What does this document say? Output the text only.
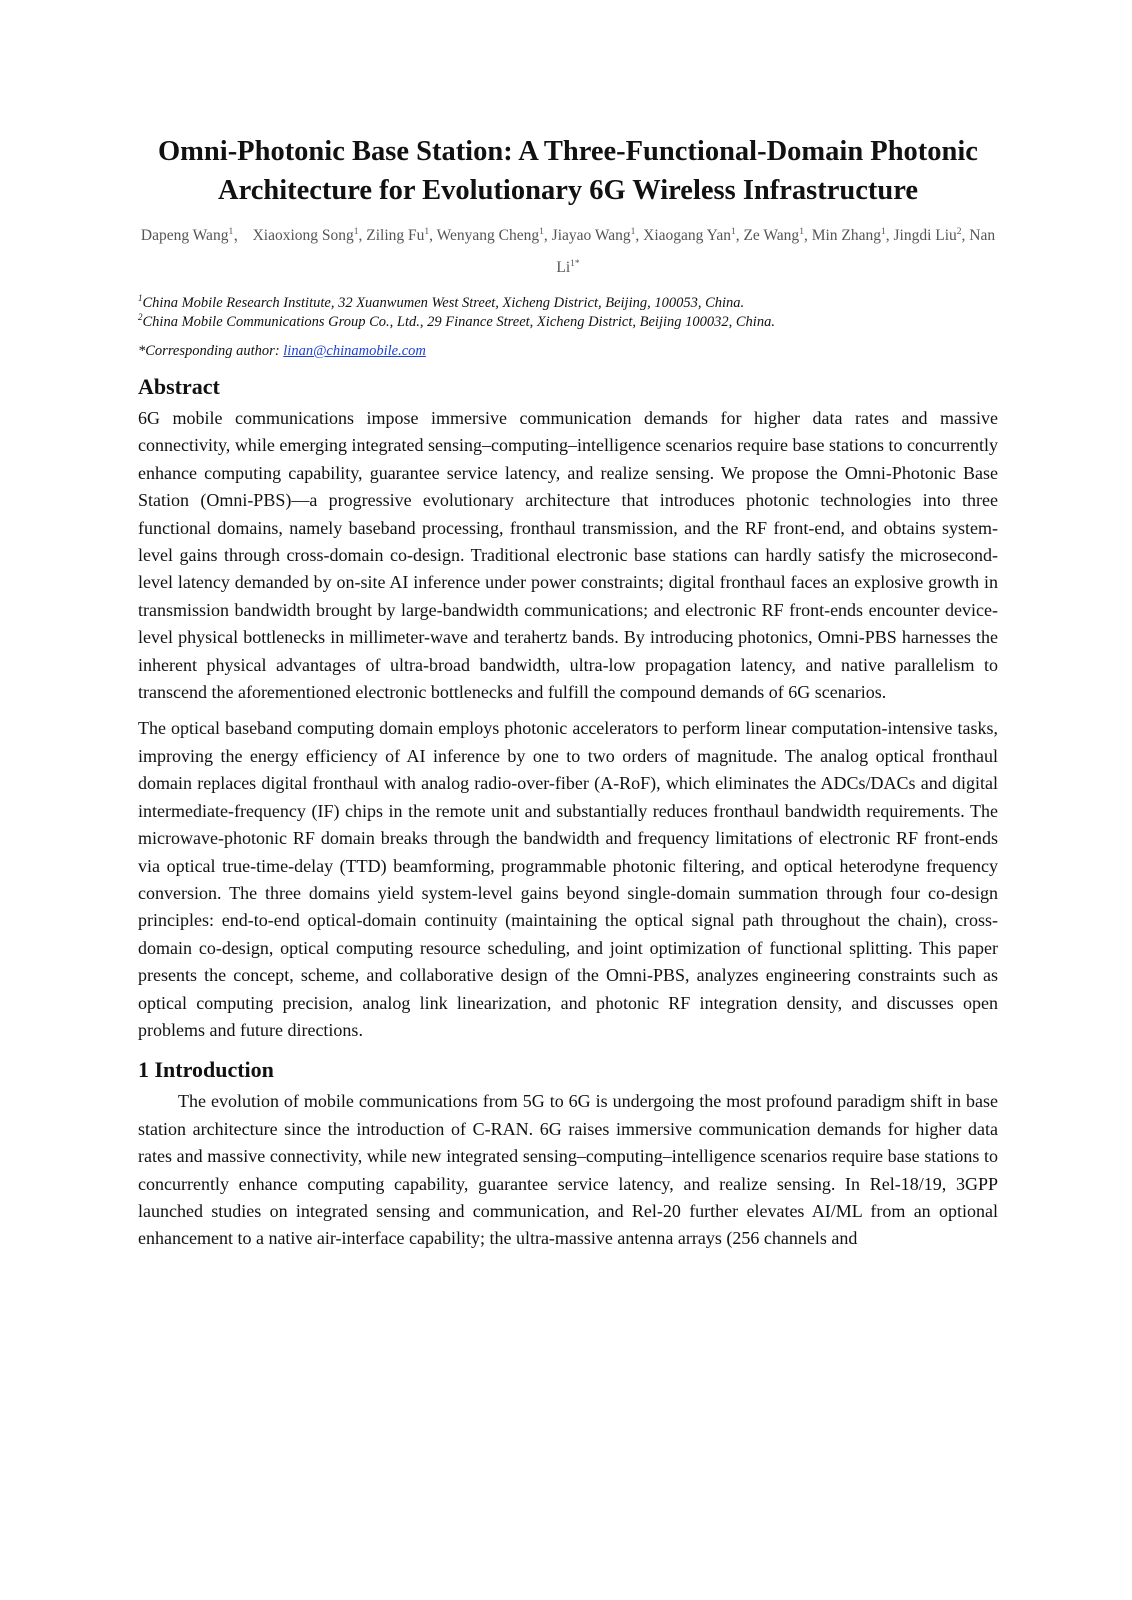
Omni-Photonic Base Station: A Three-Functional-Domain Photonic Architecture for Evolutionary 6G Wireless Infrastructure
Dapeng Wang$^1$， Xiaoxiong Song$^1$, Ziling Fu$^1$, Wenyang Cheng$^1$, Jiayao Wang$^1$, Xiaogang Yan$^1$, Ze Wang$^1$, Min Zhang$^1$, Jingdi Liu$^2$, Nan $Li^{1*}$
$^1$China Mobile Research Institute, 32 Xuanwumen West Street, Xicheng District, Beijing, 100053, China.
$^2$China Mobile Communications Group Co., Ltd., 29 Finance Street, Xicheng District, Beijing 100032, China.
*Corresponding author: linan@chinamobile.com
Abstract

6G mobile communications impose immersive communication demands for higher data rates and massive connectivity, while emerging integrated sensing–computing–intelligence scenarios require base stations to concurrently enhance computing capability, guarantee service latency, and realize sensing. We propose the Omni-Photonic Base Station (Omni-PBS)—a progressive evolutionary architecture that introduces photonic technologies into three functional domains, namely baseband processing, fronthaul transmission, and the RF front-end, and obtains system-level gains through cross-domain co-design. Traditional electronic base stations can hardly satisfy the microsecond-level latency demanded by on-site AI inference under power constraints; digital fronthaul faces an explosive growth in transmission bandwidth brought by large-bandwidth communications; and electronic RF front-ends encounter device-level physical bottlenecks in millimeter-wave and terahertz bands. By introducing photonics, Omni-PBS harnesses the inherent physical advantages of ultra-broad bandwidth, ultra-low propagation latency, and native parallelism to transcend the aforementioned electronic bottlenecks and fulfill the compound demands of 6G scenarios.

The optical baseband computing domain employs photonic accelerators to perform linear computation-intensive tasks, improving the energy efficiency of AI inference by one to two orders of magnitude. The analog optical fronthaul domain replaces digital fronthaul with analog radio-over-fiber (A-RoF), which eliminates the ADCs/DACs and digital intermediate-frequency (IF) chips in the remote unit and substantially reduces fronthaul bandwidth requirements. The microwave-photonic RF domain breaks through the bandwidth and frequency limitations of electronic RF front-ends via optical true-time-delay (TTD) beamforming, programmable photonic filtering, and optical heterodyne frequency conversion. The three domains yield system-level gains beyond single-domain summation through four co-design principles: end-to-end optical-domain continuity (maintaining the optical signal path throughout the chain), cross-domain co-design, optical computing resource scheduling, and joint optimization of functional splitting. This paper presents the concept, scheme, and collaborative design of the Omni-PBS, analyzes engineering constraints such as optical computing precision, analog link linearization, and photonic RF integration density, and discusses open problems and future directions.

1 Introduction

The evolution of mobile communications from 5G to 6G is undergoing the most profound paradigm shift in base station architecture since the introduction of C-RAN. 6G raises immersive communication demands for higher data rates and massive connectivity, while new integrated sensing–computing–intelligence scenarios require base stations to concurrently enhance computing capability, guarantee service latency, and realize sensing. In Rel-18/19, 3GPP launched studies on integrated sensing and communication, and Rel-20 further elevates AI/ML from an optional enhancement to a native air-interface capability; the ultra-massive antenna arrays (256 channels and
